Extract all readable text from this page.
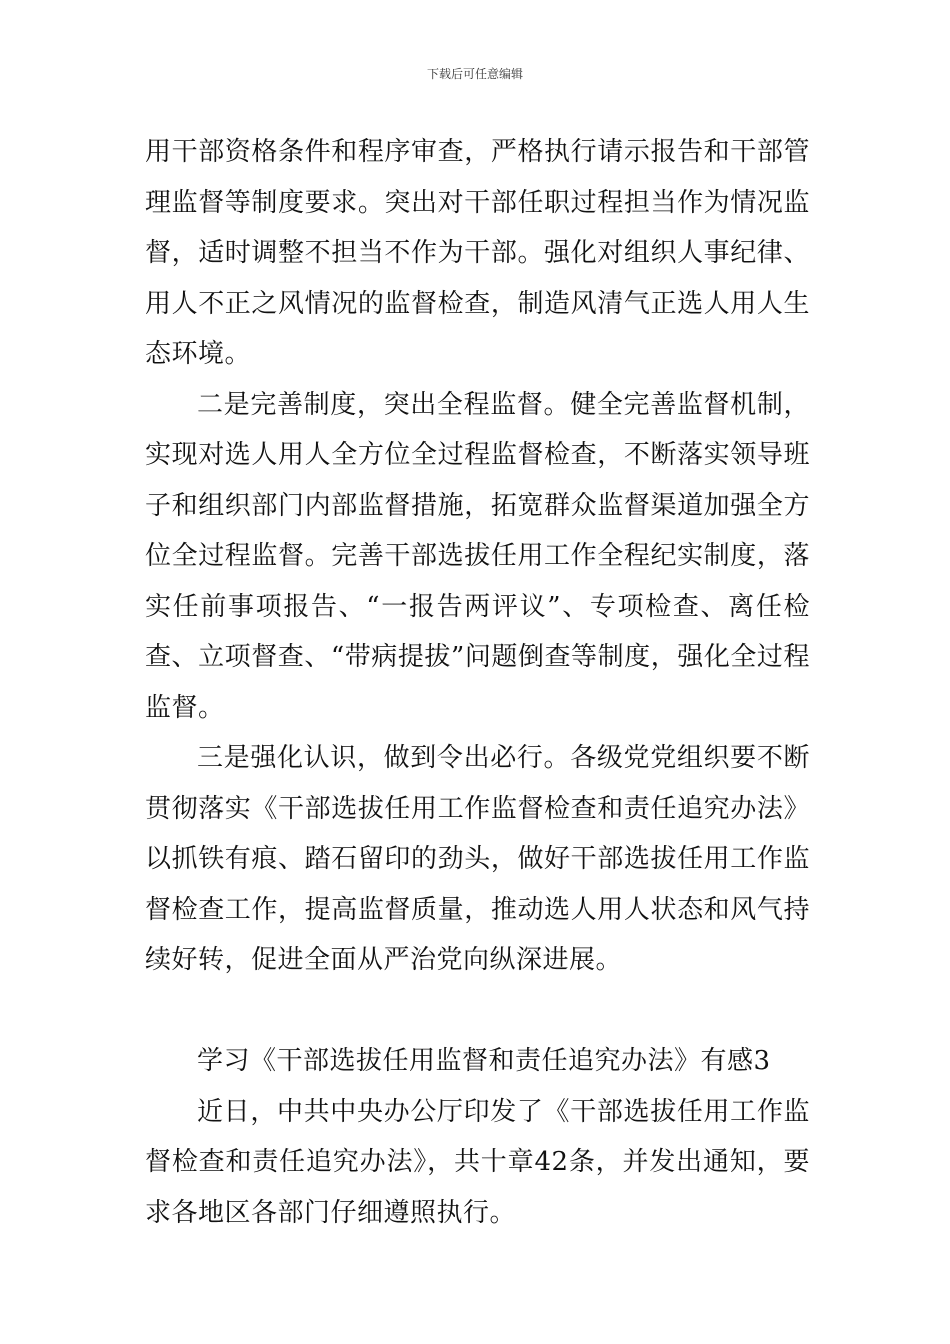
下载后可任意编辑

用干部资格条件和程序审查，严格执行请示报告和干部管理监督等制度要求。突出对干部任职过程担当作为情况监督，适时调整不担当不作为干部。强化对组织人事纪律、用人不正之风情况的监督检查，制造风清气正选人用人生态环境。

二是完善制度，突出全程监督。健全完善监督机制，实现对选人用人全方位全过程监督检查，不断落实领导班子和组织部门内部监督措施，拓宽群众监督渠道加强全方位全过程监督。完善干部选拔任用工作全程纪实制度，落实任前事项报告、“一报告两评议”、专项检查、离任检查、立项督查、“带病提拔”问题倒查等制度，强化全过程监督。

三是强化认识，做到令出必行。各级党党组织要不断贯彻落实《干部选拔任用工作监督检查和责任追究办法》以抓铁有痕、踏石留印的劲头，做好干部选拔任用工作监督检查工作，提高监督质量，推动选人用人状态和风气持续好转，促进全面从严治党向纵深进展。

学习《干部选拔任用监督和责任追究办法》有感3

近日，中共中央办公厅印发了《干部选拔任用工作监督检查和责任追究办法》，共十章42条，并发出通知，要求各地区各部门仔细遵照执行。
